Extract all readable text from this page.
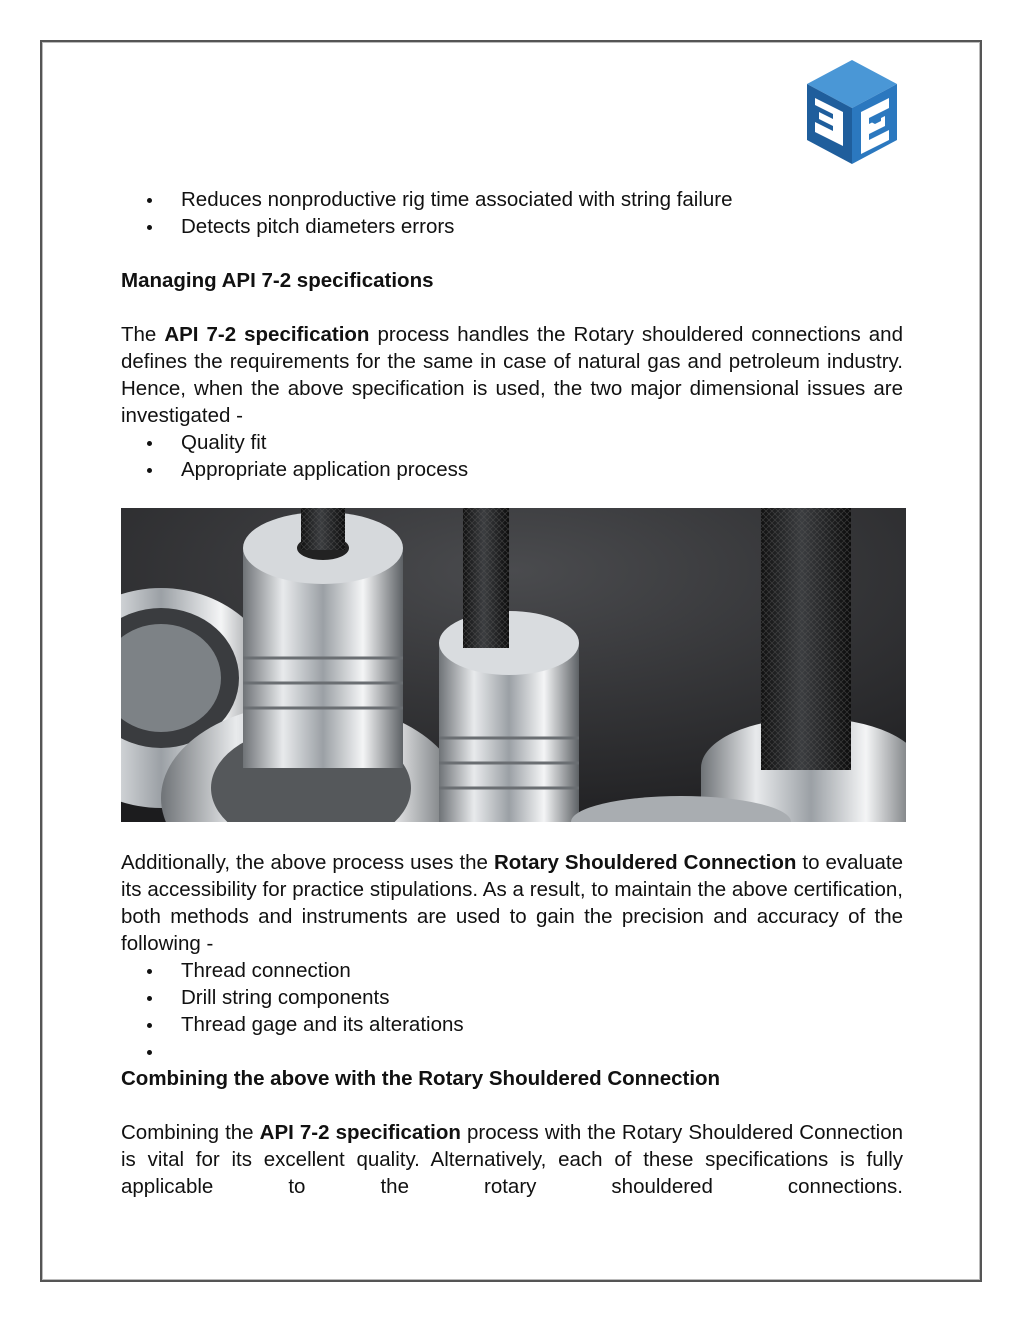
Reduces nonproductive rig time associated with string failure
Detects pitch diameters errors
Managing API 7-2 specifications
The API 7-2 specification process handles the Rotary shouldered connections and defines the requirements for the same in case of natural gas and petroleum industry. Hence, when the above specification is used, the two major dimensional issues are investigated -
Quality fit
Appropriate application process
Additionally, the above process uses the Rotary Shouldered Connection to evaluate its accessibility for practice stipulations. As a result, to maintain the above certification, both methods and instruments are used to gain the precision and accuracy of the following -
Thread connection
Drill string components
Thread gage and its alterations
Combining the above with the Rotary Shouldered Connection
Combining the API 7-2 specification process with the Rotary Shouldered Connection is vital for its excellent quality. Alternatively, each of these specifications is fully applicable to the rotary shouldered connections.
